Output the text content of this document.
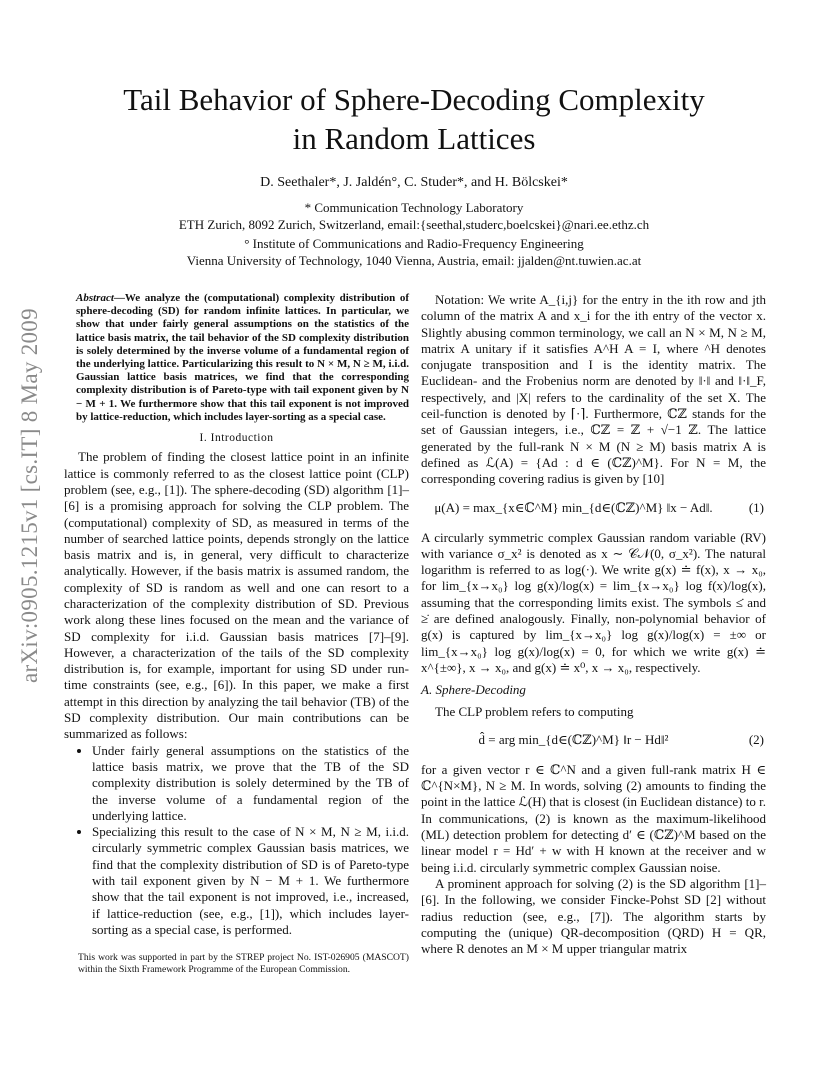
arXiv:0905.1215v1 [cs.IT] 8 May 2009
Tail Behavior of Sphere-Decoding Complexity
in Random Lattices
D. Seethaler*, J. Jaldén°, C. Studer*, and H. Bölcskei*
* Communication Technology Laboratory
ETH Zurich, 8092 Zurich, Switzerland, email:{seethal,studerc,boelcskei}@nari.ee.ethz.ch
° Institute of Communications and Radio-Frequency Engineering
Vienna University of Technology, 1040 Vienna, Austria, email: jjalden@nt.tuwien.ac.at
Abstract—We analyze the (computational) complexity distribution of sphere-decoding (SD) for random infinite lattices. In particular, we show that under fairly general assumptions on the statistics of the lattice basis matrix, the tail behavior of the SD complexity distribution is solely determined by the inverse volume of a fundamental region of the underlying lattice. Particularizing this result to N × M, N ≥ M, i.i.d. Gaussian lattice basis matrices, we find that the corresponding complexity distribution is of Pareto-type with tail exponent given by N − M + 1. We furthermore show that this tail exponent is not improved by lattice-reduction, which includes layer-sorting as a special case.
I. Introduction

The problem of finding the closest lattice point in an infinite lattice is commonly referred to as the closest lattice point (CLP) problem (see, e.g., [1]). The sphere-decoding (SD) algorithm [1]–[6] is a promising approach for solving the CLP problem. The (computational) complexity of SD, as measured in terms of the number of searched lattice points, depends strongly on the lattice basis matrix and is, in general, very difficult to characterize analytically. However, if the basis matrix is assumed random, the complexity of SD is random as well and one can resort to a characterization of the complexity distribution of SD. Previous work along these lines focused on the mean and the variance of SD complexity for i.i.d. Gaussian basis matrices [7]–[9]. However, a characterization of the tails of the SD complexity distribution is, for example, important for using SD under run-time constraints (see, e.g., [6]). In this paper, we make a first attempt in this direction by analyzing the tail behavior (TB) of the SD complexity distribution. Our main contributions can be summarized as follows:

• Under fairly general assumptions on the statistics of the lattice basis matrix, we prove that the TB of the SD complexity distribution is solely determined by the TB of the inverse volume of a fundamental region of the underlying lattice.
• Specializing this result to the case of N × M, N ≥ M, i.i.d. circularly symmetric complex Gaussian basis matrices, we find that the complexity distribution of SD is of Pareto-type with tail exponent given by N − M + 1. We furthermore show that the tail exponent is not improved, i.e., increased, if lattice-reduction (see, e.g., [1]), which includes layer-sorting as a special case, is performed.
This work was supported in part by the STREP project No. IST-026905 (MASCOT) within the Sixth Framework Programme of the European Commission.

Notation: We write A_{i,j} for the entry in the ith row and jth column of the matrix A and x_i for the ith entry of the vector x. Slightly abusing common terminology, we call an N × M, N ≥ M, matrix A unitary if it satisfies A^H A = I, where ^H denotes conjugate transposition and I is the identity matrix. The Euclidean- and the Frobenius norm are denoted by ‖·‖ and ‖·‖_F, respectively, and |X| refers to the cardinality of the set X. The ceil-function is denoted by ⌈·⌉. Furthermore, ℂℤ stands for the set of Gaussian integers, i.e., ℂℤ = ℤ + √−1 ℤ. The lattice generated by the full-rank N × M (N ≥ M) basis matrix A is defined as ℒ(A) = {Ad : d ∈ (ℂℤ)^M}. For N = M, the corresponding covering radius is given by [10]

μ(A) = max_{x∈ℂ^M} min_{d∈(ℂℤ)^M} ‖x − Ad‖.	(1)

A circularly symmetric complex Gaussian random variable (RV) with variance σ_x² is denoted as x ∼ 𝒞𝒩(0, σ_x²). The natural logarithm is referred to as log(·). We write g(x) ≐ f(x), x → x₀, for lim_{x→x₀} log g(x)/log(x) = lim_{x→x₀} log f(x)/log(x), assuming that the corresponding limits exist. The symbols ≤̇ and ≥̇ are defined analogously. Finally, non-polynomial behavior of g(x) is captured by lim_{x→x₀} log g(x)/log(x) = ±∞ or lim_{x→x₀} log g(x)/log(x) = 0, for which we write g(x) ≐ x^{±∞}, x → x₀, and g(x) ≐ x⁰, x → x₀, respectively.

A. Sphere-Decoding

The CLP problem refers to computing

d̂ = arg min_{d∈(ℂℤ)^M} ‖r − Hd‖²	(2)

for a given vector r ∈ ℂ^N and a given full-rank matrix H ∈ ℂ^{N×M}, N ≥ M. In words, solving (2) amounts to finding the point in the lattice ℒ(H) that is closest (in Euclidean distance) to r. In communications, (2) is known as the maximum-likelihood (ML) detection problem for detecting d′ ∈ (ℂℤ)^M based on the linear model r = Hd′ + w with H known at the receiver and w being i.i.d. circularly symmetric complex Gaussian noise.

A prominent approach for solving (2) is the SD algorithm [1]–[6]. In the following, we consider Fincke-Pohst SD [2] without radius reduction (see, e.g., [7]). The algorithm starts by computing the (unique) QR-decomposition (QRD) H = QR, where R denotes an M × M upper triangular matrix
